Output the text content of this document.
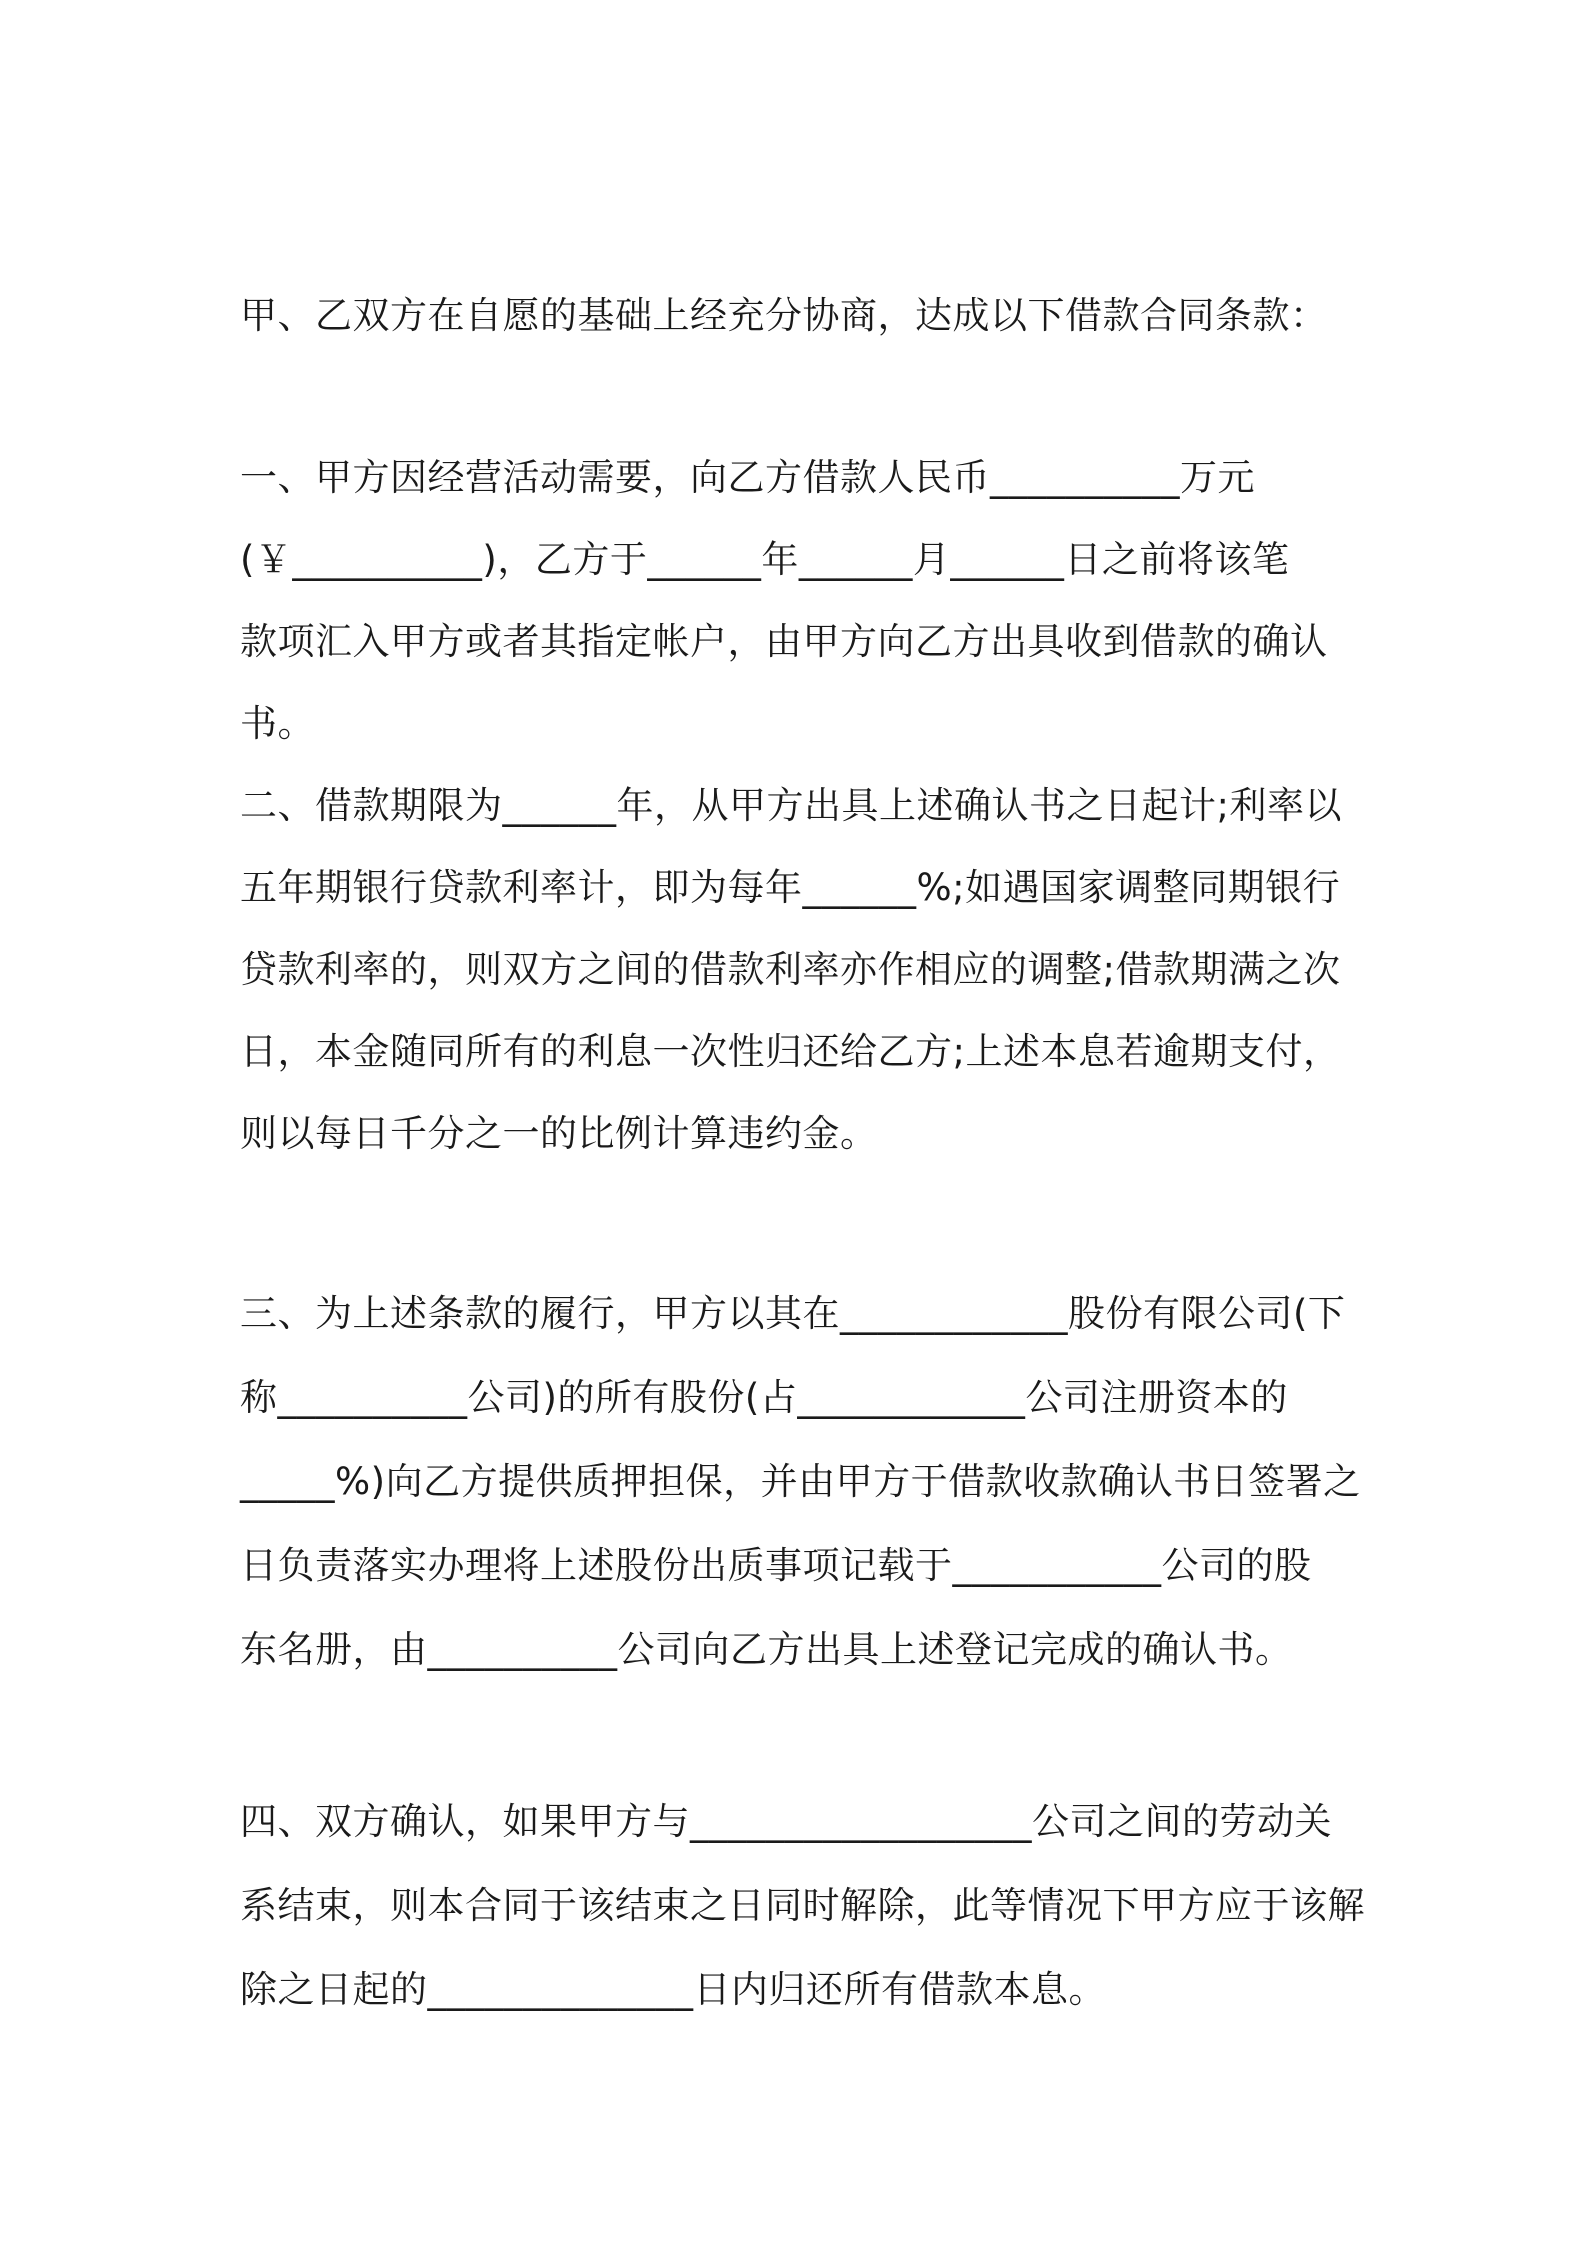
甲、乙双方在自愿的基础上经充分协商，达成以下借款合同条款：
一、甲方因经营活动需要，向乙方借款人民币__________万元
(￥__________)，乙方于______年______月______日之前将该笔
款项汇入甲方或者其指定帐户，由甲方向乙方出具收到借款的确认
书。
二、借款期限为______年，从甲方出具上述确认书之日起计;利率以
五年期银行贷款利率计，即为每年______%;如遇国家调整同期银行
贷款利率的，则双方之间的借款利率亦作相应的调整;借款期满之次
日，本金随同所有的利息一次性归还给乙方;上述本息若逾期支付，
则以每日千分之一的比例计算违约金。
三、为上述条款的履行，甲方以其在____________股份有限公司(下
称__________公司)的所有股份(占____________公司注册资本的
_____%)向乙方提供质押担保，并由甲方于借款收款确认书日签署之
日负责落实办理将上述股份出质事项记载于___________公司的股
东名册，由__________公司向乙方出具上述登记完成的确认书。
四、双方确认，如果甲方与__________________公司之间的劳动关
系结束，则本合同于该结束之日同时解除，此等情况下甲方应于该解
除之日起的______________日内归还所有借款本息。
